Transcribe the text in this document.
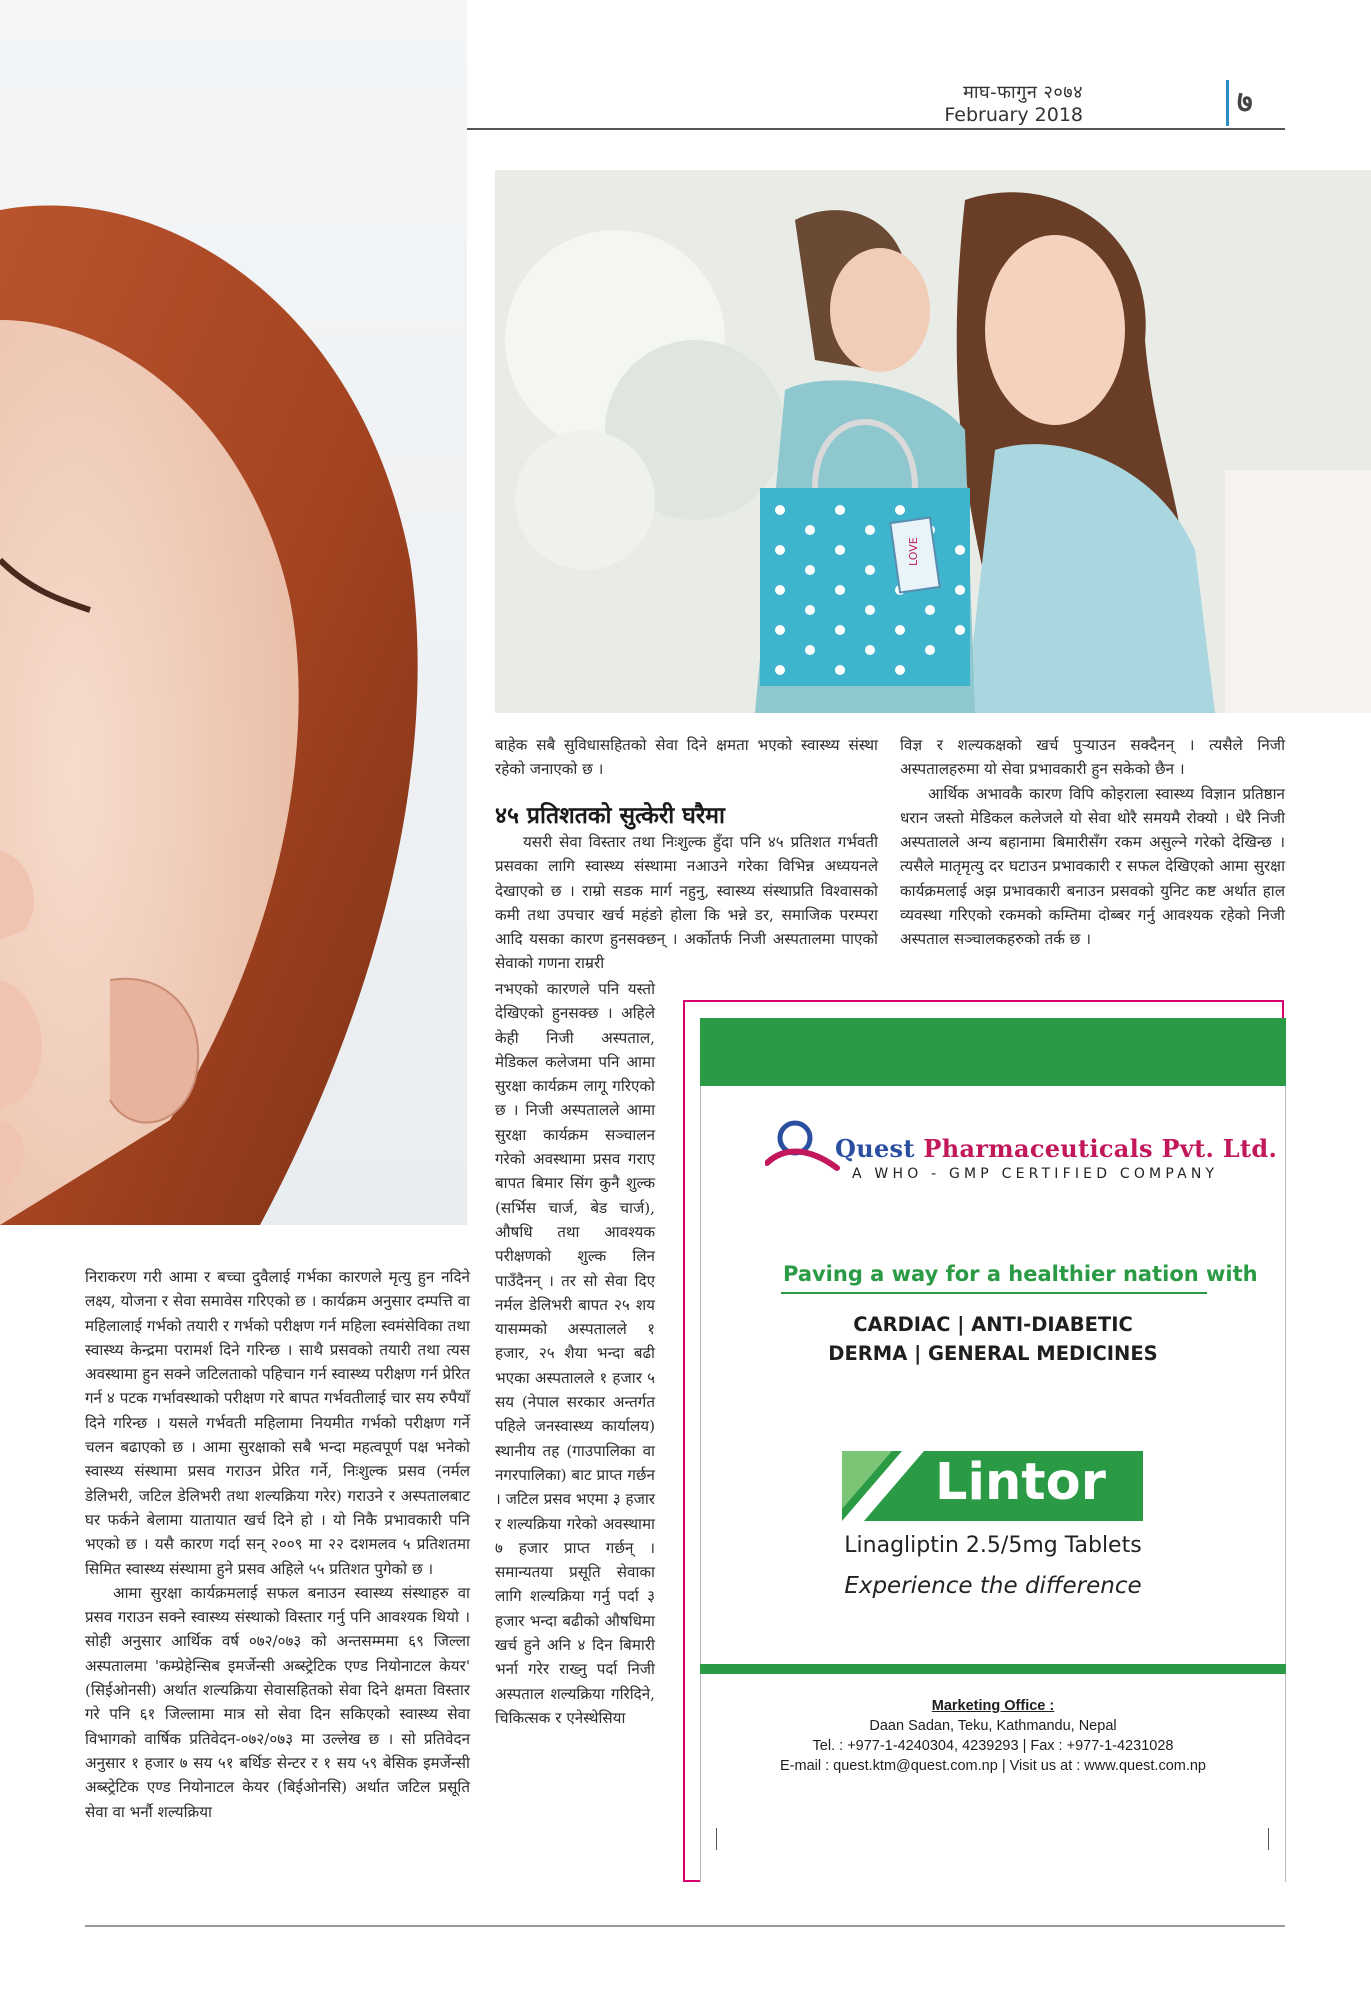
माघ-फागुन २०७४
February 2018	७
LOVE

बाहेक सबै सुविधासहितको सेवा दिने क्षमता भएको स्वास्थ्य संस्था रहेको जनाएको छ ।

४५ प्रतिशतको सुत्केरी घरैमा

यसरी सेवा विस्तार तथा निःशुल्क हुँदा पनि ४५ प्रतिशत गर्भवती प्रसवका लागि स्वास्थ्य संस्थामा नआउने गरेका विभिन्न अध्ययनले देखाएको छ । राम्रो सडक मार्ग नहुनु, स्वास्थ्य संस्थाप्रति विश्वासको कमी तथा उपचार खर्च महंङो होला कि भन्ने डर, समाजिक परम्परा आदि यसका कारण हुनसक्छन् । अर्कोतर्फ निजी अस्पतालमा पाएको सेवाको गणना राम्ररी

नभएको कारणले पनि यस्तो देखिएको हुनसक्छ । अहिले केही निजी अस्पताल, मेडिकल कलेजमा पनि आमा सुरक्षा कार्यक्रम लागू गरिएको छ । निजी अस्पतालले आमा सुरक्षा कार्यक्रम सञ्चालन गरेको अवस्थामा प्रसव गराए बापत बिमार सिंग कुनै शुल्क (सर्भिस चार्ज, बेड चार्ज), औषधि तथा आवश्यक परीक्षणको शुल्क लिन पाउँदैनन् । तर सो सेवा दिए नर्मल डेलिभरी बापत २५ शय यासम्मको अस्पतालले १ हजार, २५ शैया भन्दा बढी भएका अस्पतालले १ हजार ५ सय (नेपाल सरकार अन्तर्गत पहिले जनस्वास्थ्य कार्यालय) स्थानीय तह (गाउपालिका वा नगरपालिका) बाट प्राप्त गर्छन । जटिल प्रसव भएमा ३ हजार र शल्यक्रिया गरेको अवस्थामा ७ हजार प्राप्त गर्छन् । समान्यतया प्रसूति सेवाका लागि शल्यक्रिया गर्नु पर्दा ३ हजार भन्दा बढीको औषधिमा खर्च हुने अनि ४ दिन बिमारी भर्ना गरेर राख्नु पर्दा निजी अस्पताल शल्यक्रिया गरिदिने, चिकित्सक र एनेस्थेसिया

विज्ञ र शल्यकक्षको खर्च पुऱ्याउन सक्दैनन् । त्यसैले निजी अस्पतालहरुमा यो सेवा प्रभावकारी हुन सकेको छैन ।

आर्थिक अभावकै कारण विपि कोइराला स्वास्थ्य विज्ञान प्रतिष्ठान धरान जस्तो मेडिकल कलेजले यो सेवा थोरै समयमै रोक्यो । धेरै निजी अस्पतालले अन्य बहानामा बिमारीसँग रकम असुल्ने गरेको देखिन्छ । त्यसैले मातृमृत्यु दर घटाउन प्रभावकारी र सफल देखिएको आमा सुरक्षा कार्यक्रमलाई अझ प्रभावकारी बनाउन प्रसवको युनिट कष्ट अर्थात हाल व्यवस्था गरिएको रकमको कम्तिमा दोब्बर गर्नु आवश्यक रहेको निजी अस्पताल सञ्चालकहरुको तर्क छ ।

निराकरण गरी आमा र बच्चा दुवैलाई गर्भका कारणले मृत्यु हुन नदिने लक्ष्य, योजना र सेवा समावेस गरिएको छ । कार्यक्रम अनुसार दम्पत्ति वा महिलालाई गर्भको तयारी र गर्भको परीक्षण गर्न महिला स्वमंसेविका तथा स्वास्थ्य केन्द्रमा परामर्श दिने गरिन्छ । साथै प्रसवको तयारी तथा त्यस अवस्थामा हुन सक्ने जटिलताको पहिचान गर्न स्वास्थ्य परीक्षण गर्न प्रेरित गर्न ४ पटक गर्भावस्थाको परीक्षण गरे बापत गर्भवतीलाई चार सय रुपैयाँ दिने गरिन्छ । यसले गर्भवती महिलामा नियमीत गर्भको परीक्षण गर्ने चलन बढाएको छ । आमा सुरक्षाको सबै भन्दा महत्वपूर्ण पक्ष भनेको स्वास्थ्य संस्थामा प्रसव गराउन प्रेरित गर्ने, निःशुल्क प्रसव (नर्मल डेलिभरी, जटिल डेलिभरी तथा शल्यक्रिया गरेर) गराउने र अस्पतालबाट घर फर्कने बेलामा यातायात खर्च दिने हो । यो निकै प्रभावकारी पनि भएको छ । यसै कारण गर्दा सन् २००९ मा २२ दशमलव ५ प्रतिशतमा सिमित स्वास्थ्य संस्थामा हुने प्रसव अहिले ५५ प्रतिशत पुगेको छ ।

आमा सुरक्षा कार्यक्रमलाई सफल बनाउन स्वास्थ्य संस्थाहरु वा प्रसव गराउन सक्ने स्वास्थ्य संस्थाको विस्तार गर्नु पनि आवश्यक थियो । सोही अनुसार आर्थिक वर्ष ०७२/०७३ को अन्तसम्ममा ६९ जिल्ला अस्पतालमा 'कम्प्रेहेन्सिब इमर्जेन्सी अब्स्ट्रेटिक एण्ड नियोनाटल केयर' (सिईओनसी) अर्थात शल्यक्रिया सेवासहितको सेवा दिने क्षमता विस्तार गरे पनि ६१ जिल्लामा मात्र सो सेवा दिन सकिएको स्वास्थ्य सेवा विभागको वार्षिक प्रतिवेदन-०७२/०७३ मा उल्लेख छ । सो प्रतिवेदन अनुसार १ हजार ७ सय ५१ बर्थिङ सेन्टर र १ सय ५९ बेसिक इमर्जेन्सी अब्स्ट्रेटिक एण्ड नियोनाटल केयर (बिईओनसि) अर्थात जटिल प्रसूति सेवा वा भर्नौ शल्यक्रिया

Quest Pharmaceuticals Pvt. Ltd.
A WHO - GMP CERTIFIED COMPANY
Paving a way for a healthier nation with
CARDIAC | ANTI-DIABETIC
DERMA | GENERAL MEDICINES
Lintor
Linagliptin 2.5/5mg Tablets
Experience the difference
Marketing Office :
Daan Sadan, Teku, Kathmandu, Nepal
Tel. : +977-1-4240304, 4239293 | Fax : +977-1-4231028
E-mail : quest.ktm@quest.com.np | Visit us at : www.quest.com.np
